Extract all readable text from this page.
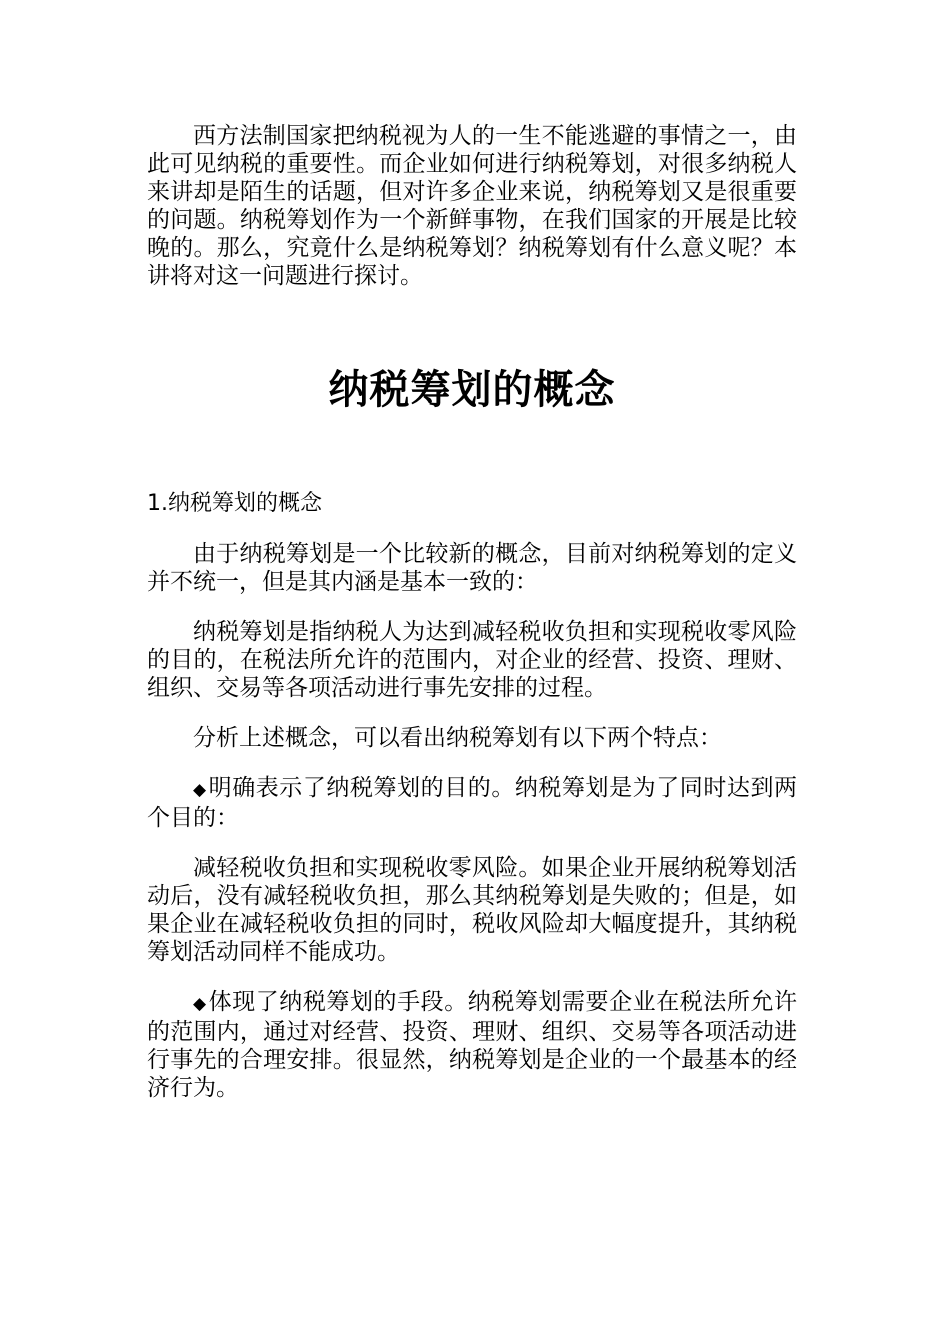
西方法制国家把纳税视为人的一生不能逃避的事情之一，由此可见纳税的重要性。而企业如何进行纳税筹划，对很多纳税人来讲却是陌生的话题，但对许多企业来说，纳税筹划又是很重要的问题。纳税筹划作为一个新鲜事物，在我们国家的开展是比较晚的。那么，究竟什么是纳税筹划？纳税筹划有什么意义呢？本讲将对这一问题进行探讨。

纳税筹划的概念

1.纳税筹划的概念

由于纳税筹划是一个比较新的概念，目前对纳税筹划的定义并不统一，但是其内涵是基本一致的：

纳税筹划是指纳税人为达到减轻税收负担和实现税收零风险的目的，在税法所允许的范围内，对企业的经营、投资、理财、组织、交易等各项活动进行事先安排的过程。

分析上述概念，可以看出纳税筹划有以下两个特点：

◆明确表示了纳税筹划的目的。纳税筹划是为了同时达到两个目的：

减轻税收负担和实现税收零风险。如果企业开展纳税筹划活动后，没有减轻税收负担，那么其纳税筹划是失败的；但是，如果企业在减轻税收负担的同时，税收风险却大幅度提升，其纳税筹划活动同样不能成功。

◆体现了纳税筹划的手段。纳税筹划需要企业在税法所允许的范围内，通过对经营、投资、理财、组织、交易等各项活动进行事先的合理安排。很显然，纳税筹划是企业的一个最基本的经济行为。
